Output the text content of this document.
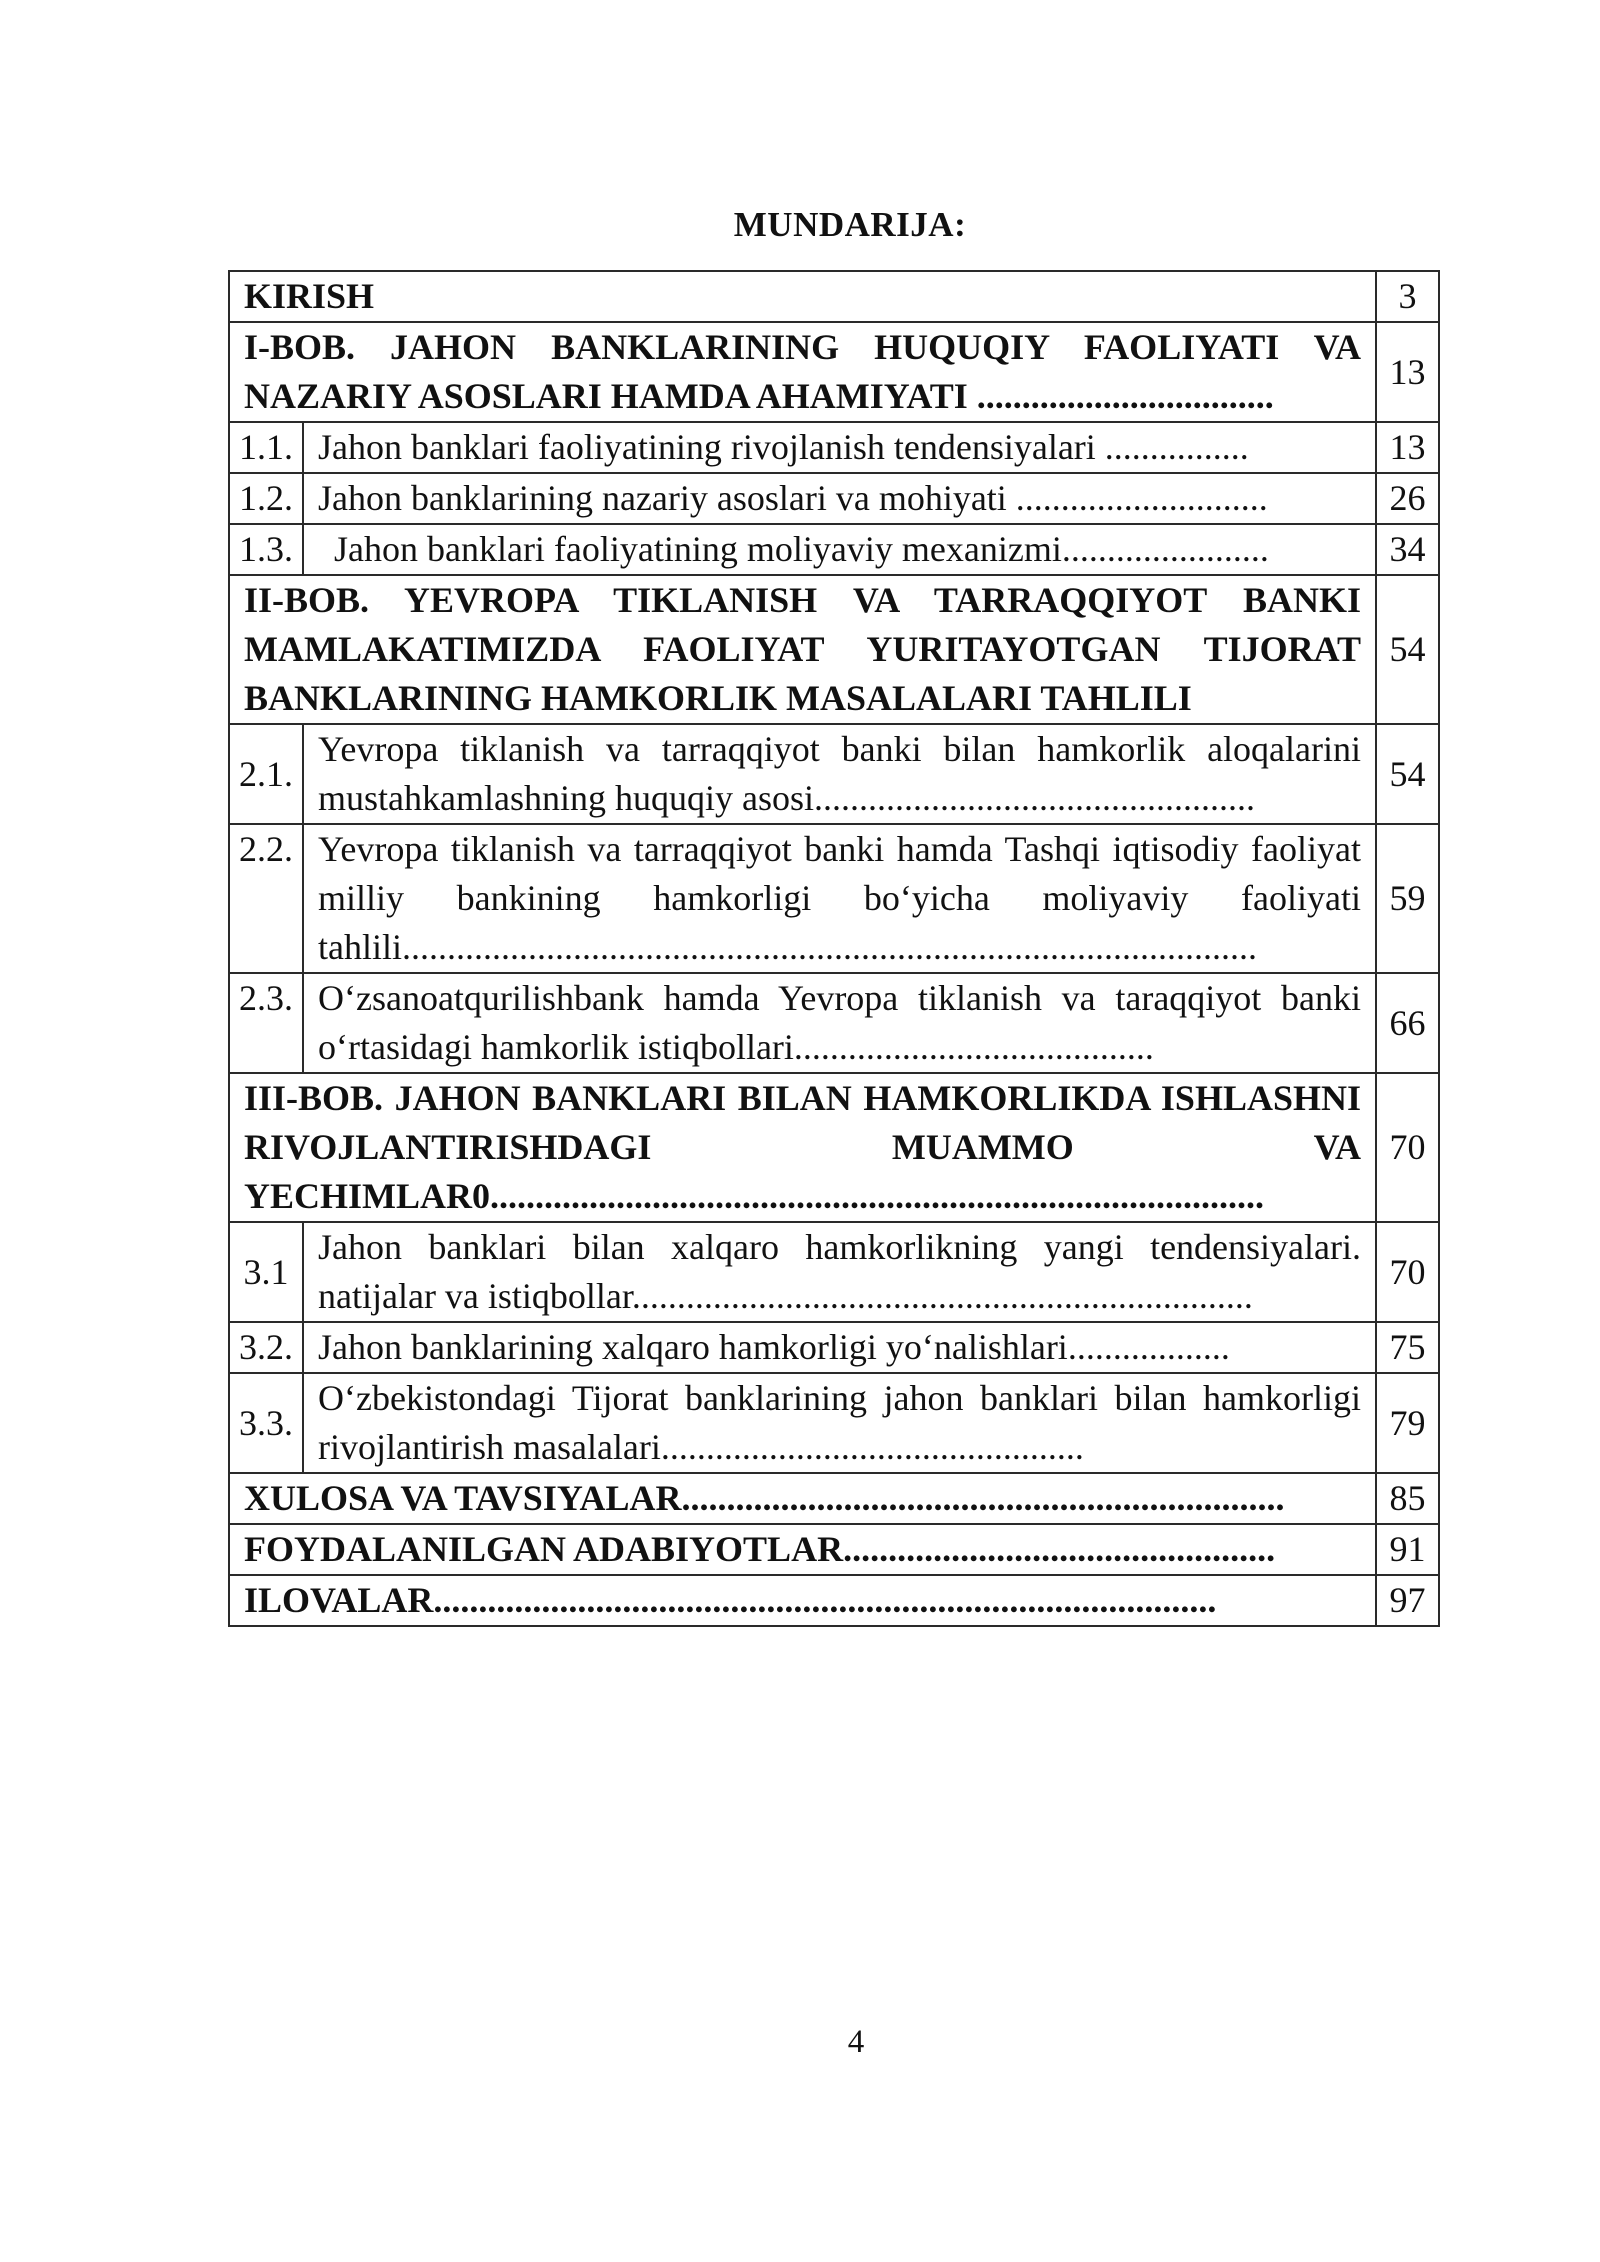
MUNDARIJA:
KIRISH		3
I-BOB. JAHON BANKLARINING HUQUQIY FAOLIYATI VA NAZARIY ASOSLARI HAMDA AHAMIYATI .................................		13
1.1.	Jahon banklari faoliyatining rivojlanish tendensiyalari ................	13
1.2.	Jahon banklarining nazariy asoslari va mohiyati ............................	26
1.3.	Jahon banklari faoliyatining moliyaviy mexanizmi.......................	34
II-BOB. YEVROPA TIKLANISH VA TARRAQQIYOT BANKI MAMLAKATIMIZDA FAOLIYAT YURITAYOTGAN TIJORAT BANKLARINING HAMKORLIK MASALALARI TAHLILI		54
2.1.	Yevropa tiklanish va tarraqqiyot banki bilan hamkorlik aloqalarini mustahkamlashning huquqiy asosi.................................................	54
2.2.	Yevropa tiklanish va tarraqqiyot banki hamda Tashqi iqtisodiy faoliyat milliy bankining hamkorligi bo‘yicha moliyaviy faoliyati tahlili...............................................................................................	59
2.3.	O‘zsanoatqurilishbank hamda Yevropa tiklanish va taraqqiyot banki o‘rtasidagi hamkorlik istiqbollari........................................	66
III-BOB. JAHON BANKLARI BILAN HAMKORLIKDA ISHLASHNI RIVOJLANTIRISHDAGI MUAMMO VA YECHIMLAR0......................................................................................		70
3.1	Jahon banklari bilan xalqaro hamkorlikning yangi tendensiyalari. natijalar va istiqbollar.....................................................................	70
3.2.	Jahon banklarining xalqaro hamkorligi yo‘nalishlari..................	75
3.3.	O‘zbekistondagi Tijorat banklarining jahon banklari bilan hamkorligi rivojlantirish masalalari...............................................	79
XULOSA VA TAVSIYALAR...................................................................		85
FOYDALANILGAN ADABIYOTLAR................................................		91
ILOVALAR.......................................................................................		97
4
